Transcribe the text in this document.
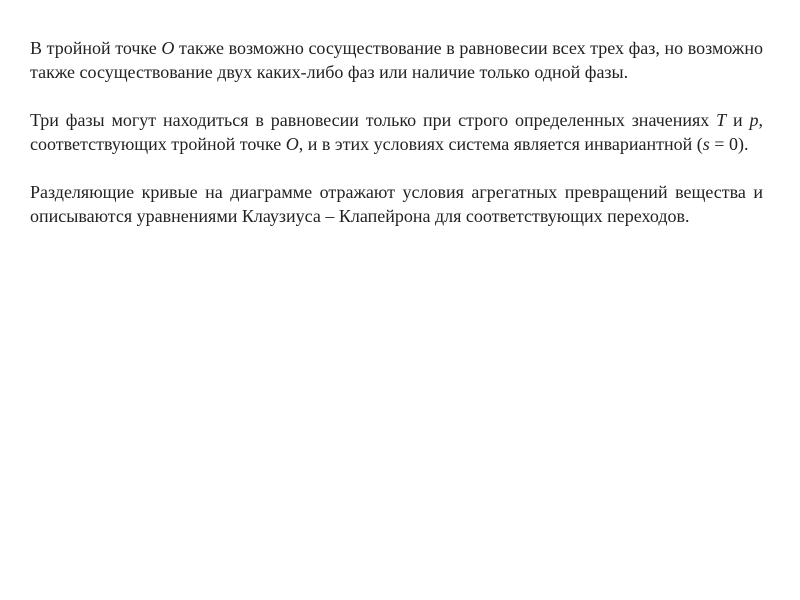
В тройной точке O также возможно сосуществование в равновесии всех трех фаз, но возможно также сосуществование двух каких-либо фаз или наличие только одной фазы.

Три фазы могут находиться в равновесии только при строго определенных значениях T и p, соответствующих тройной точке O, и в этих условиях система является инвариантной (s = 0).

Разделяющие кривые на диаграмме отражают условия агрегатных превращений вещества и описываются уравнениями Клаузиуса – Клапейрона для соответствующих переходов.
